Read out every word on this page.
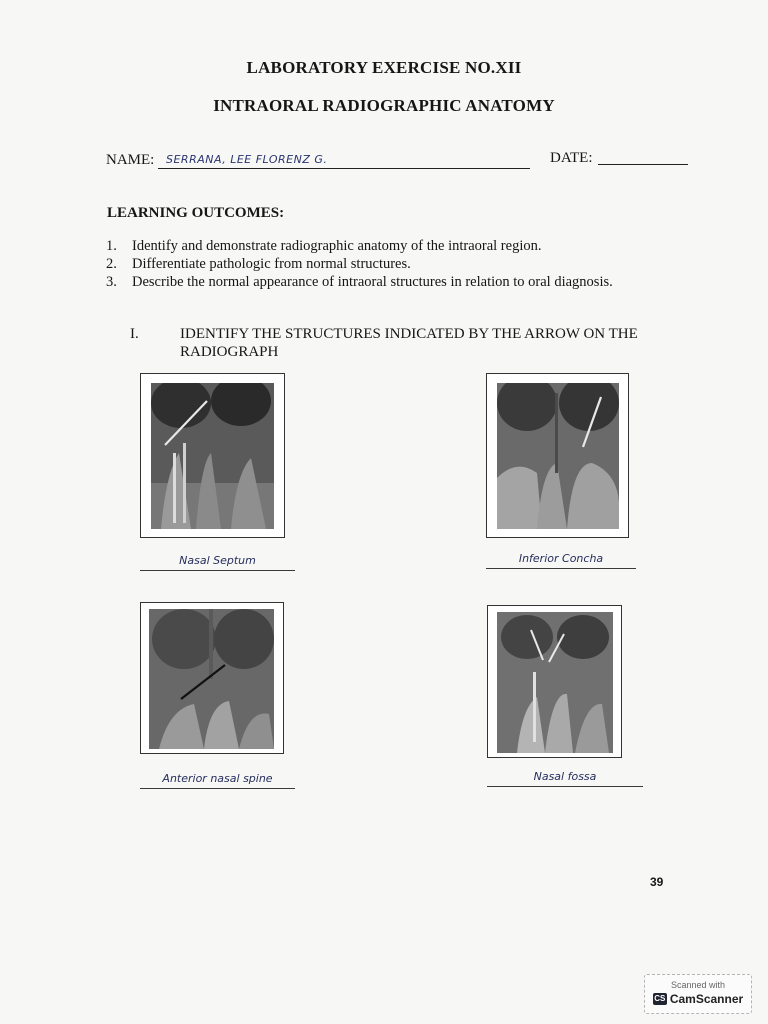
LABORATORY EXERCISE NO.XII
INTRAORAL RADIOGRAPHIC ANATOMY
NAME: SERRANA, LEE FLORENZ G.	DATE:
LEARNING OUTCOMES:
1. Identify and demonstrate radiographic anatomy of the intraoral region.
2. Differentiate pathologic from normal structures.
3. Describe the normal appearance of intraoral structures in relation to oral diagnosis.
I.	IDENTIFY THE STRUCTURES INDICATED BY THE ARROW ON THE RADIOGRAPH
Nasal Septum	Inferior Concha
Anterior nasal spine	Nasal fossa
39
Scanned with
CS CamScanner
